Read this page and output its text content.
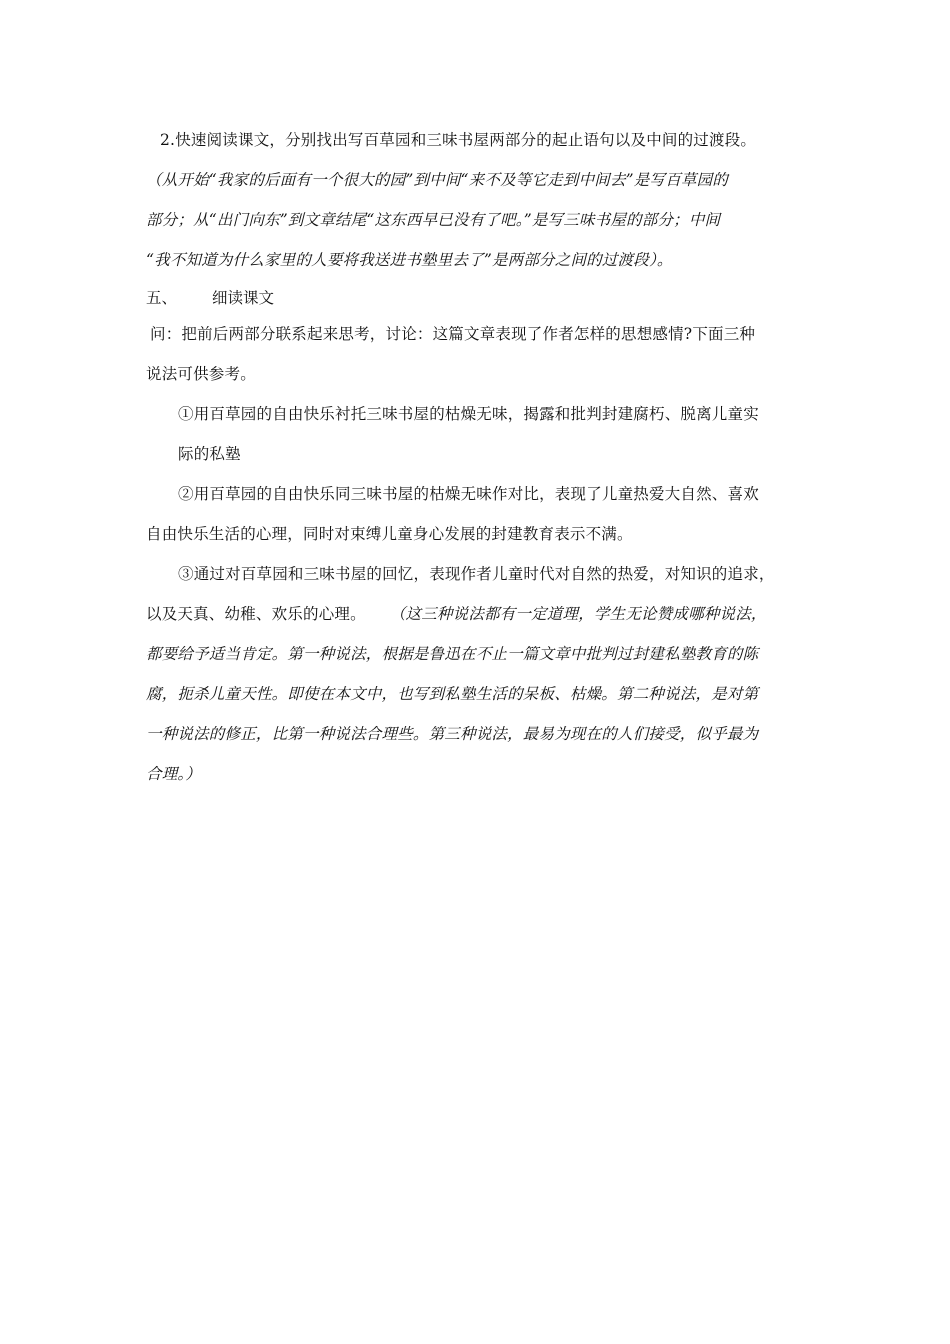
2.快速阅读课文，分别找出写百草园和三味书屋两部分的起止语句以及中间的过渡段。
（从开始“我家的后面有一个很大的园”到中间“来不及等它走到中间去”是写百草园的
部分；从“出门向东”到文章结尾“这东西早已没有了吧。”是写三味书屋的部分；中间
“我不知道为什么家里的人要将我送进书塾里去了”是两部分之间的过渡段）。
五、 细读课文
问：把前后两部分联系起来思考，讨论：这篇文章表现了作者怎样的思想感情?下面三种
说法可供参考。
①用百草园的自由快乐衬托三味书屋的枯燥无味，揭露和批判封建腐朽、脱离儿童实
际的私塾
②用百草园的自由快乐同三味书屋的枯燥无味作对比，表现了儿童热爱大自然、喜欢
自由快乐生活的心理，同时对束缚儿童身心发展的封建教育表示不满。
③通过对百草园和三味书屋的回忆，表现作者儿童时代对自然的热爱，对知识的追求，
以及天真、幼稚、欢乐的心理。 （这三种说法都有一定道理，学生无论赞成哪种说法，
都要给予适当肯定。第一种说法，根据是鲁迅在不止一篇文章中批判过封建私塾教育的陈
腐，扼杀儿童天性。即使在本文中，也写到私塾生活的呆板、枯燥。第二种说法，是对第
一种说法的修正，比第一种说法合理些。第三种说法，最易为现在的人们接受，似乎最为
合理。）
